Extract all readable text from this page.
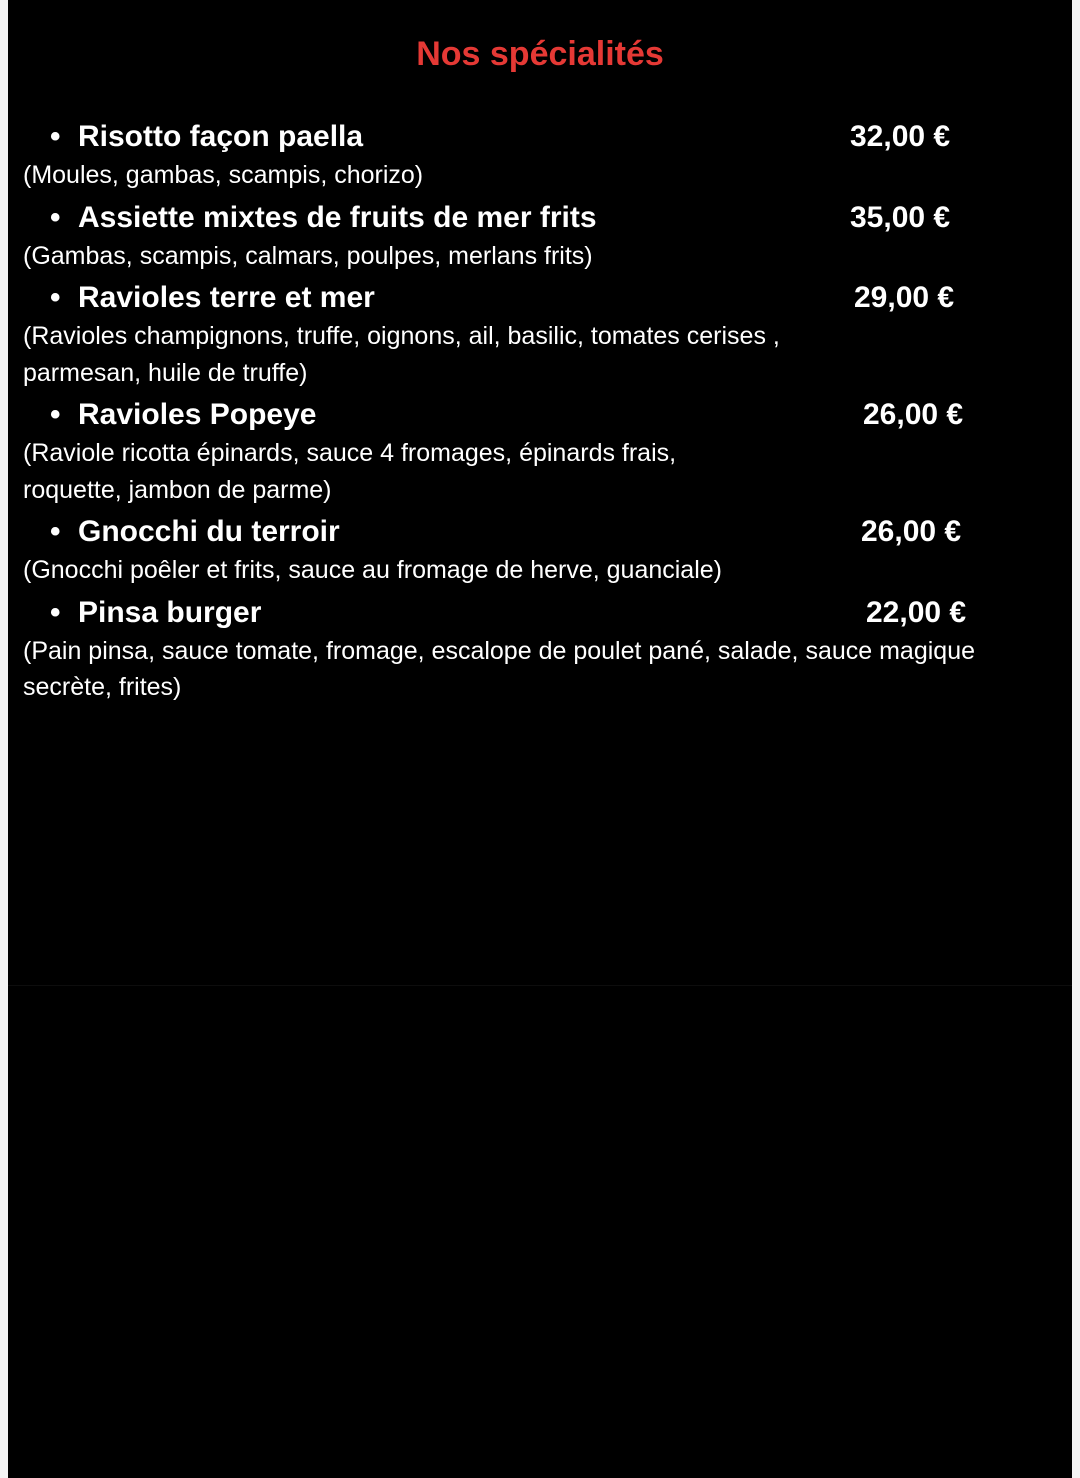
Nos spécialités
• Risotto façon paella	32,00 €

(Moules, gambas, scampis, chorizo)

• Assiette mixtes de fruits de mer frits	35,00 €

(Gambas, scampis, calmars, poulpes, merlans frits)

• Ravioles terre et mer	29,00 €

(Ravioles champignons, truffe, oignons, ail, basilic, tomates cerises , parmesan, huile de truffe)

• Ravioles Popeye	26,00 €

(Raviole ricotta épinards, sauce 4 fromages, épinards frais, roquette, jambon de parme)

• Gnocchi du terroir	26,00 €

(Gnocchi poêler et frits, sauce au fromage de herve, guanciale)

• Pinsa burger	22,00 €

(Pain pinsa, sauce tomate, fromage, escalope de poulet pané, salade, sauce magique secrète, frites)
